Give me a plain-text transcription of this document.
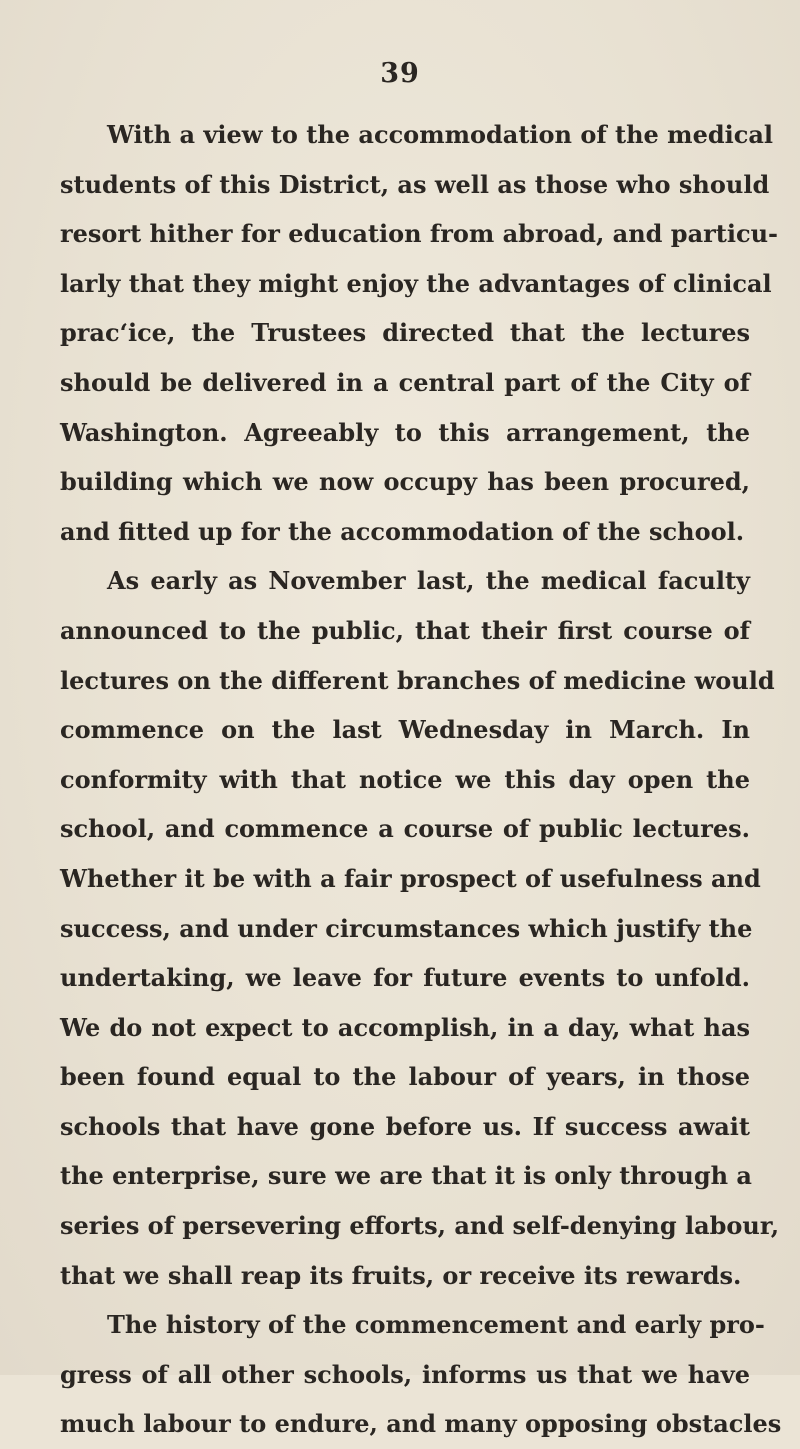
39
With a view to the accommodation of the medical
students of this District, as well as those who should
resort hither for education from abroad, and particu-
larly that they might enjoy the advantages of clinical
prac‘ice, the Trustees directed that the lectures
should be delivered in a central part of the City of
Washington. Agreeably to this arrangement, the
building which we now occupy has been procured,
and fitted up for the accommodation of the school.
As early as November last, the medical faculty
announced to the public, that their first course of
lectures on the different branches of medicine would
commence on the last Wednesday in March. In
conformity with that notice we this day open the
school, and commence a course of public lectures.
Whether it be with a fair prospect of usefulness and
success, and under circumstances which justify the
undertaking, we leave for future events to unfold.
We do not expect to accomplish, in a day, what has
been found equal to the labour of years, in those
schools that have gone before us. If success await
the enterprise, sure we are that it is only through a
series of persevering efforts, and self-denying labour,
that we shall reap its fruits, or receive its rewards.
The history of the commencement and early pro-
gress of all other schools, informs us that we have
much labour to endure, and many opposing obstacles
